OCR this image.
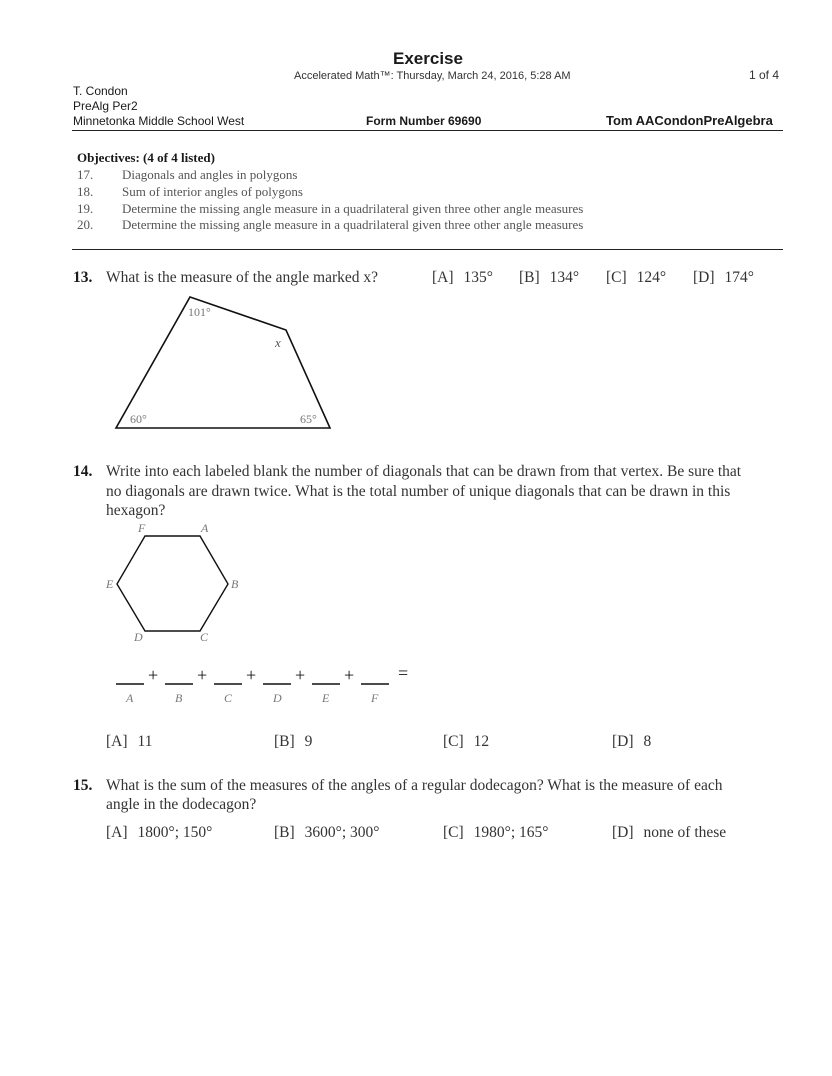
Exercise
Accelerated Math™: Thursday, March 24, 2016, 5:28 AM	1 of 4
T. Condon
PreAlg Per2
Minnetonka Middle School West	Form Number 69690	Tom AACondonPreAlgebra
Objectives: (4 of 4 listed)
17. Diagonals and angles in polygons
18. Sum of interior angles of polygons
19. Determine the missing angle measure in a quadrilateral given three other angle measures
20. Determine the missing angle measure in a quadrilateral given three other angle measures
13. What is the measure of the angle marked x?	[A] 135° [B] 134° [C] 124° [D] 174°
101°
x
60°	65°
F	A
B
C
D
E
+ + + + + =
A	B	C	D	E	F
14. Write into each labeled blank the number of diagonals that can be drawn from that vertex. Be sure that
no diagonals are drawn twice. What is the total number of unique diagonals that can be drawn in this
hexagon?
[A] 11	[B] 9	[C] 12	[D] 8
15. What is the sum of the measures of the angles of a regular dodecagon? What is the measure of each
angle in the dodecagon?
[A] 1800°; 150°	[B] 3600°; 300°	[C] 1980°; 165°	[D] none of these
